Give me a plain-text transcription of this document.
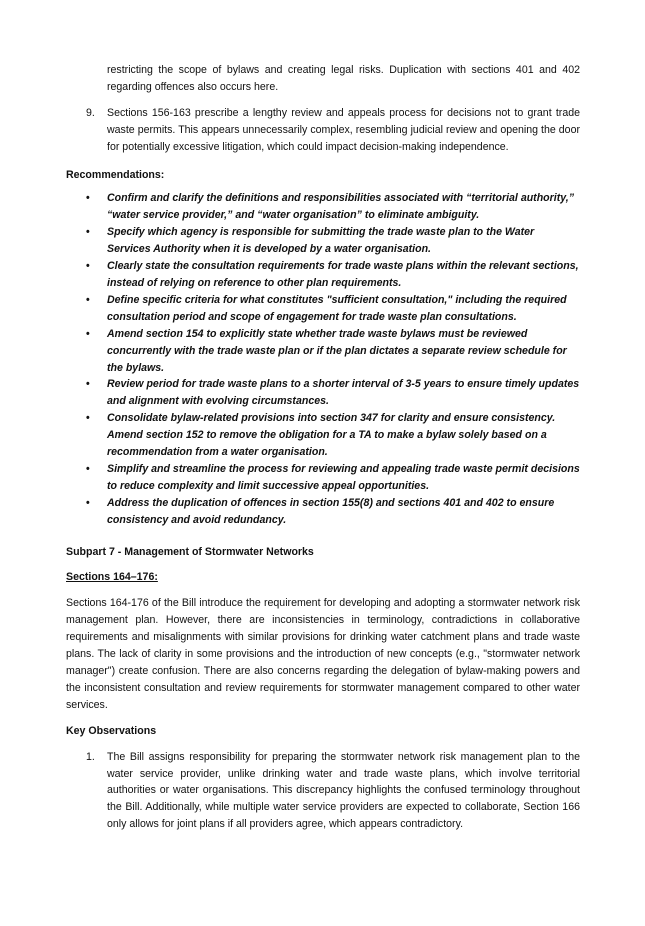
restricting the scope of bylaws and creating legal risks. Duplication with sections 401 and 402 regarding offences also occurs here.
9. Sections 156-163 prescribe a lengthy review and appeals process for decisions not to grant trade waste permits. This appears unnecessarily complex, resembling judicial review and opening the door for potentially excessive litigation, which could impact decision-making independence.
Recommendations:
• Confirm and clarify the definitions and responsibilities associated with “territorial authority,” “water service provider,” and “water organisation” to eliminate ambiguity.
• Specify which agency is responsible for submitting the trade waste plan to the Water Services Authority when it is developed by a water organisation.
• Clearly state the consultation requirements for trade waste plans within the relevant sections, instead of relying on reference to other plan requirements.
• Define specific criteria for what constitutes "sufficient consultation," including the required consultation period and scope of engagement for trade waste plan consultations.
• Amend section 154 to explicitly state whether trade waste bylaws must be reviewed concurrently with the trade waste plan or if the plan dictates a separate review schedule for the bylaws.
• Review period for trade waste plans to a shorter interval of 3-5 years to ensure timely updates and alignment with evolving circumstances.
• Consolidate bylaw-related provisions into section 347 for clarity and ensure consistency. Amend section 152 to remove the obligation for a TA to make a bylaw solely based on a recommendation from a water organisation.
• Simplify and streamline the process for reviewing and appealing trade waste permit decisions to reduce complexity and limit successive appeal opportunities.
• Address the duplication of offences in section 155(8) and sections 401 and 402 to ensure consistency and avoid redundancy.
Subpart 7 - Management of Stormwater Networks
Sections 164–176:
Sections 164-176 of the Bill introduce the requirement for developing and adopting a stormwater network risk management plan. However, there are inconsistencies in terminology, contradictions in collaborative requirements and misalignments with similar provisions for drinking water catchment plans and trade waste plans. The lack of clarity in some provisions and the introduction of new concepts (e.g., "stormwater network manager") create confusion. There are also concerns regarding the delegation of bylaw-making powers and the inconsistent consultation and review requirements for stormwater management compared to other water services.
Key Observations
1. The Bill assigns responsibility for preparing the stormwater network risk management plan to the water service provider, unlike drinking water and trade waste plans, which involve territorial authorities or water organisations. This discrepancy highlights the confused terminology throughout the Bill. Additionally, while multiple water service providers are expected to collaborate, Section 166 only allows for joint plans if all providers agree, which appears contradictory.
